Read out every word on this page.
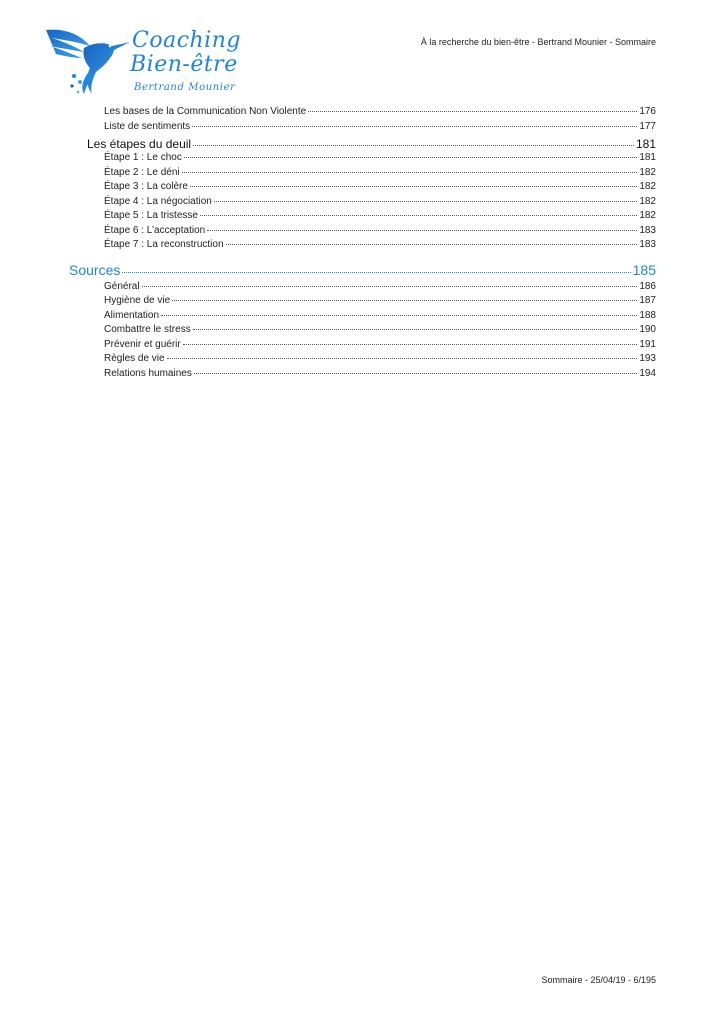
Coaching
Bien-être
Bertrand Mounier
À la recherche du bien-être - Bertrand Mounier - Sommaire
Les bases de la Communication Non Violente	176
Liste de sentiments	177
Les étapes du deuil	181
Étape 1 : Le choc	181
Étape 2 : Le déni	182
Étape 3 : La colère	182
Étape 4 : La négociation	182
Étape 5 : La tristesse	182
Étape 6 : L’acceptation	183
Étape 7 : La reconstruction	183
Sources	185
Général	186
Hygiène de vie	187
Alimentation	188
Combattre le stress	190
Prévenir et guérir	191
Règles de vie	193
Relations humaines	194
Sommaire - 25/04/19 - 6/195
